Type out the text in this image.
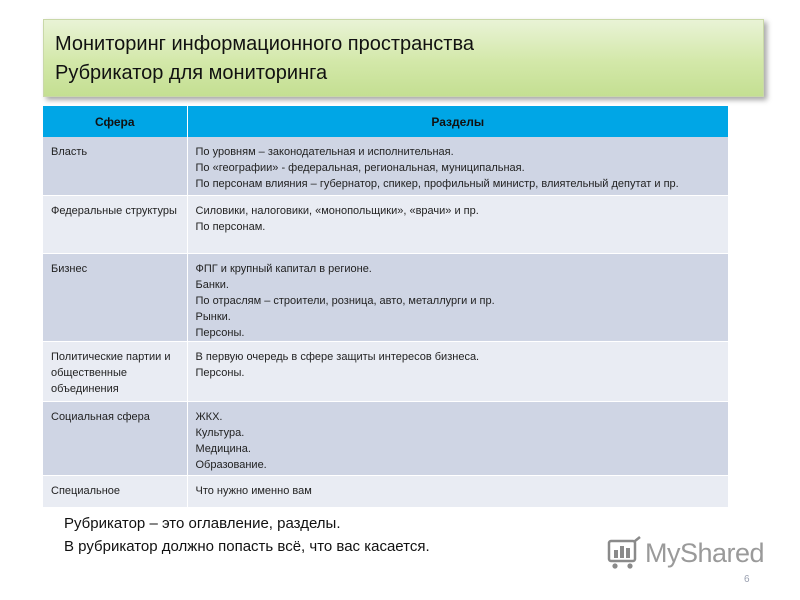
Мониторинг информационного пространства
Рубрикатор для мониторинга
Сфера	Разделы
Власть	По уровням – законодательная и исполнительная.
По «географии» - федеральная, региональная, муниципальная.
По персонам влияния – губернатор, спикер, профильный министр, влиятельный депутат и пр.

Федеральные структуры	Силовики, налоговики, «монопольщики», «врачи» и пр.
По персонам.

Бизнес	ФПГ и крупный капитал в регионе.
Банки.
По отраслям – строители, розница, авто, металлурги и пр.
Рынки.
Персоны.

Политические партии и общественные объединения	В первую очередь в сфере защиты интересов бизнеса.
Персоны.

Социальная сфера	ЖКХ.
Культура.
Медицина.
Образование.

Специальное	Что нужно именно вам
Рубрикатор – это оглавление, разделы.
В рубрикатор должно попасть всё, что вас касается.	MyShared
6
